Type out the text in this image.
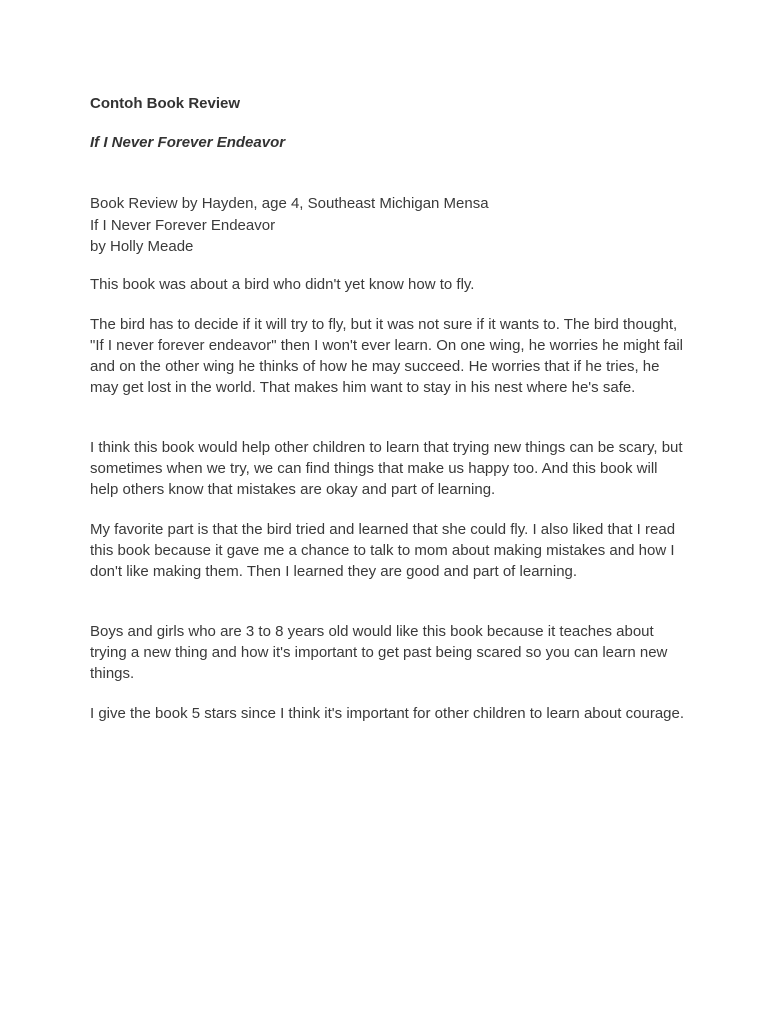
Contoh Book Review
If I Never Forever Endeavor
Book Review by Hayden, age 4, Southeast Michigan Mensa
If I Never Forever Endeavor
by Holly Meade

This book was about a bird who didn't yet know how to fly.

The bird has to decide if it will try to fly, but it was not sure if it wants to. The bird thought, "If I never forever endeavor" then I won't ever learn. On one wing, he worries he might fail and on the other wing he thinks of how he may succeed. He worries that if he tries, he may get lost in the world. That makes him want to stay in his nest where he's safe.

I think this book would help other children to learn that trying new things can be scary, but sometimes when we try, we can find things that make us happy too. And this book will help others know that mistakes are okay and part of learning.

My favorite part is that the bird tried and learned that she could fly. I also liked that I read this book because it gave me a chance to talk to mom about making mistakes and how I don't like making them. Then I learned they are good and part of learning.

Boys and girls who are 3 to 8 years old would like this book because it teaches about trying a new thing and how it's important to get past being scared so you can learn new things.

I give the book 5 stars since I think it's important for other children to learn about courage.
